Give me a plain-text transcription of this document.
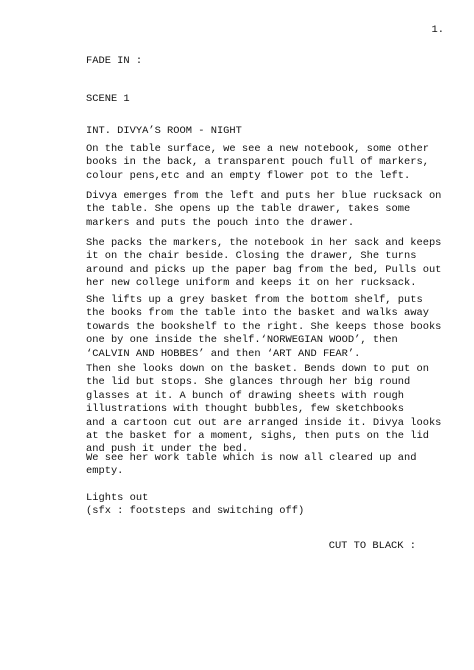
1.
FADE IN :
SCENE 1
INT. DIVYA’S ROOM - NIGHT
On the table surface, we see a new notebook, some other
books in the back, a transparent pouch full of markers,
colour pens,etc and an empty flower pot to the left.
Divya emerges from the left and puts her blue rucksack on
the table. She opens up the table drawer, takes some
markers and puts the pouch into the drawer.
She packs the markers, the notebook in her sack and keeps
it on the chair beside. Closing the drawer, She turns
around and picks up the paper bag from the bed, Pulls out
her new college uniform and keeps it on her rucksack.
She lifts up a grey basket from the bottom shelf, puts
the books from the table into the basket and walks away
towards the bookshelf to the right. She keeps those books
one by one inside the shelf.‘NORWEGIAN WOOD’, then
‘CALVIN AND HOBBES’ and then ‘ART AND FEAR’.
Then she looks down on the basket. Bends down to put on
the lid but stops. She glances through her big round
glasses at it. A bunch of drawing sheets with rough
illustrations with thought bubbles, few sketchbooks
and a cartoon cut out are arranged inside it. Divya looks
at the basket for a moment, sighs, then puts on the lid
and push it under the bed.
We see her work table which is now all cleared up and
empty.
Lights out
(sfx : footsteps and switching off)
CUT TO BLACK :
